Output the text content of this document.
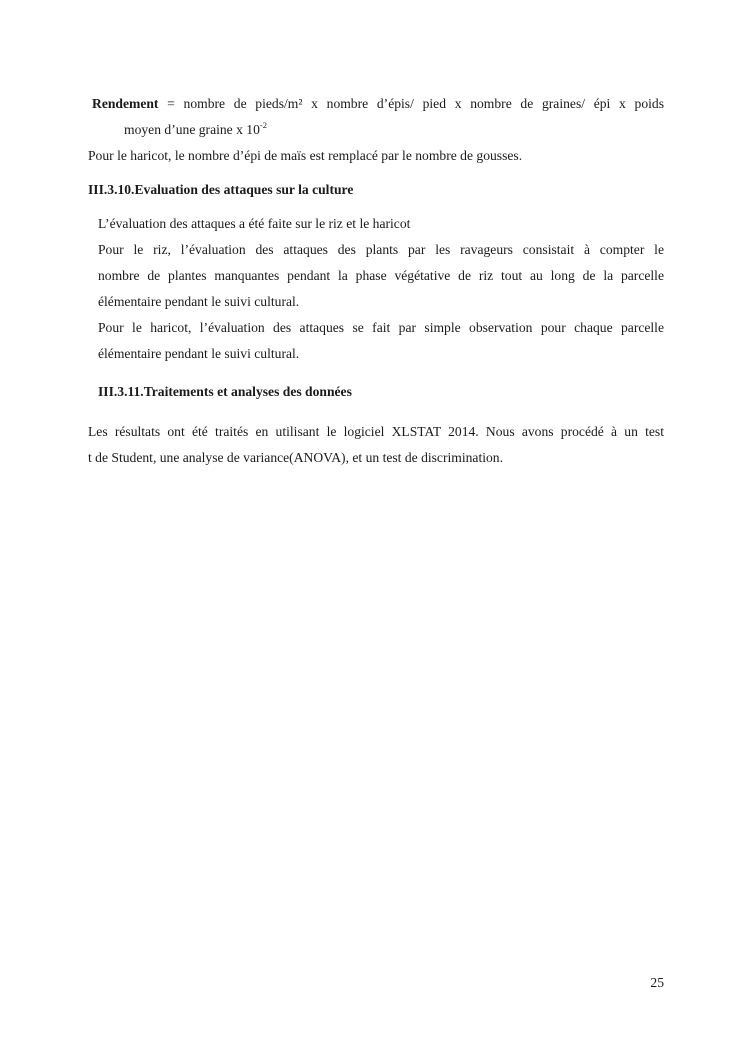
Rendement = nombre de pieds/m² x nombre d’épis/ pied x nombre de graines/ épi x poids
moyen d’une graine x $10^{-2}$
Pour le haricot, le nombre d’épi de maïs est remplacé par le nombre de gousses.
III.3.10.Evaluation des attaques sur la culture
L’évaluation des attaques a été faite sur le riz et le haricot
Pour le riz, l’évaluation des attaques des plants par les ravageurs consistait à compter le
nombre de plantes manquantes pendant la phase végétative de riz tout au long de la parcelle
élémentaire pendant le suivi cultural.
Pour le haricot, l’évaluation des attaques se fait par simple observation pour chaque parcelle
élémentaire pendant le suivi cultural.
III.3.11.Traitements et analyses des données
Les résultats ont été traités en utilisant le logiciel XLSTAT 2014. Nous avons procédé à un test
t de Student, une analyse de variance(ANOVA), et un test de discrimination.
25
